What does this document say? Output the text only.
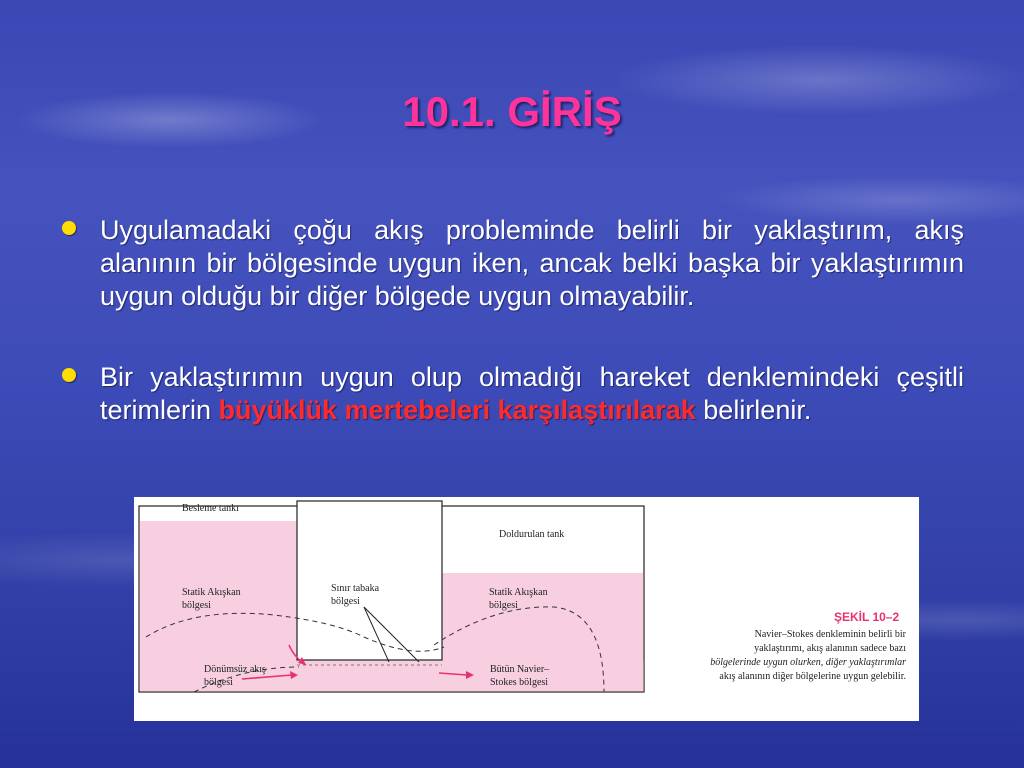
10.1. GİRİŞ
Uygulamadaki çoğu akış probleminde belirli bir yaklaştırım, akış alanının bir bölgesinde uygun iken, ancak belki başka bir yaklaştırımın uygun olduğu bir diğer bölgede uygun olmayabilir.
Bir yaklaştırımın uygun olup olmadığı hareket denklemindeki çeşitli terimlerin büyüklük mertebeleri karşılaştırılarak belirlenir.

Besleme tankı

Doldurulan tank

Statik Akışkan

bölgesi

Sınır tabaka

bölgesi

Statik Akışkan

bölgesi

Dönümsüz akış

bölgesi

Bütün Navier–

Stokes bölgesi

ŞEKİL 10–2

Navier–Stokes denkleminin belirli bir
yaklaştırımı, akış alanının sadece bazı
bölgelerinde uygun olurken, diğer yaklaştırımlar
akış alanının diğer bölgelerine uygun gelebilir.
